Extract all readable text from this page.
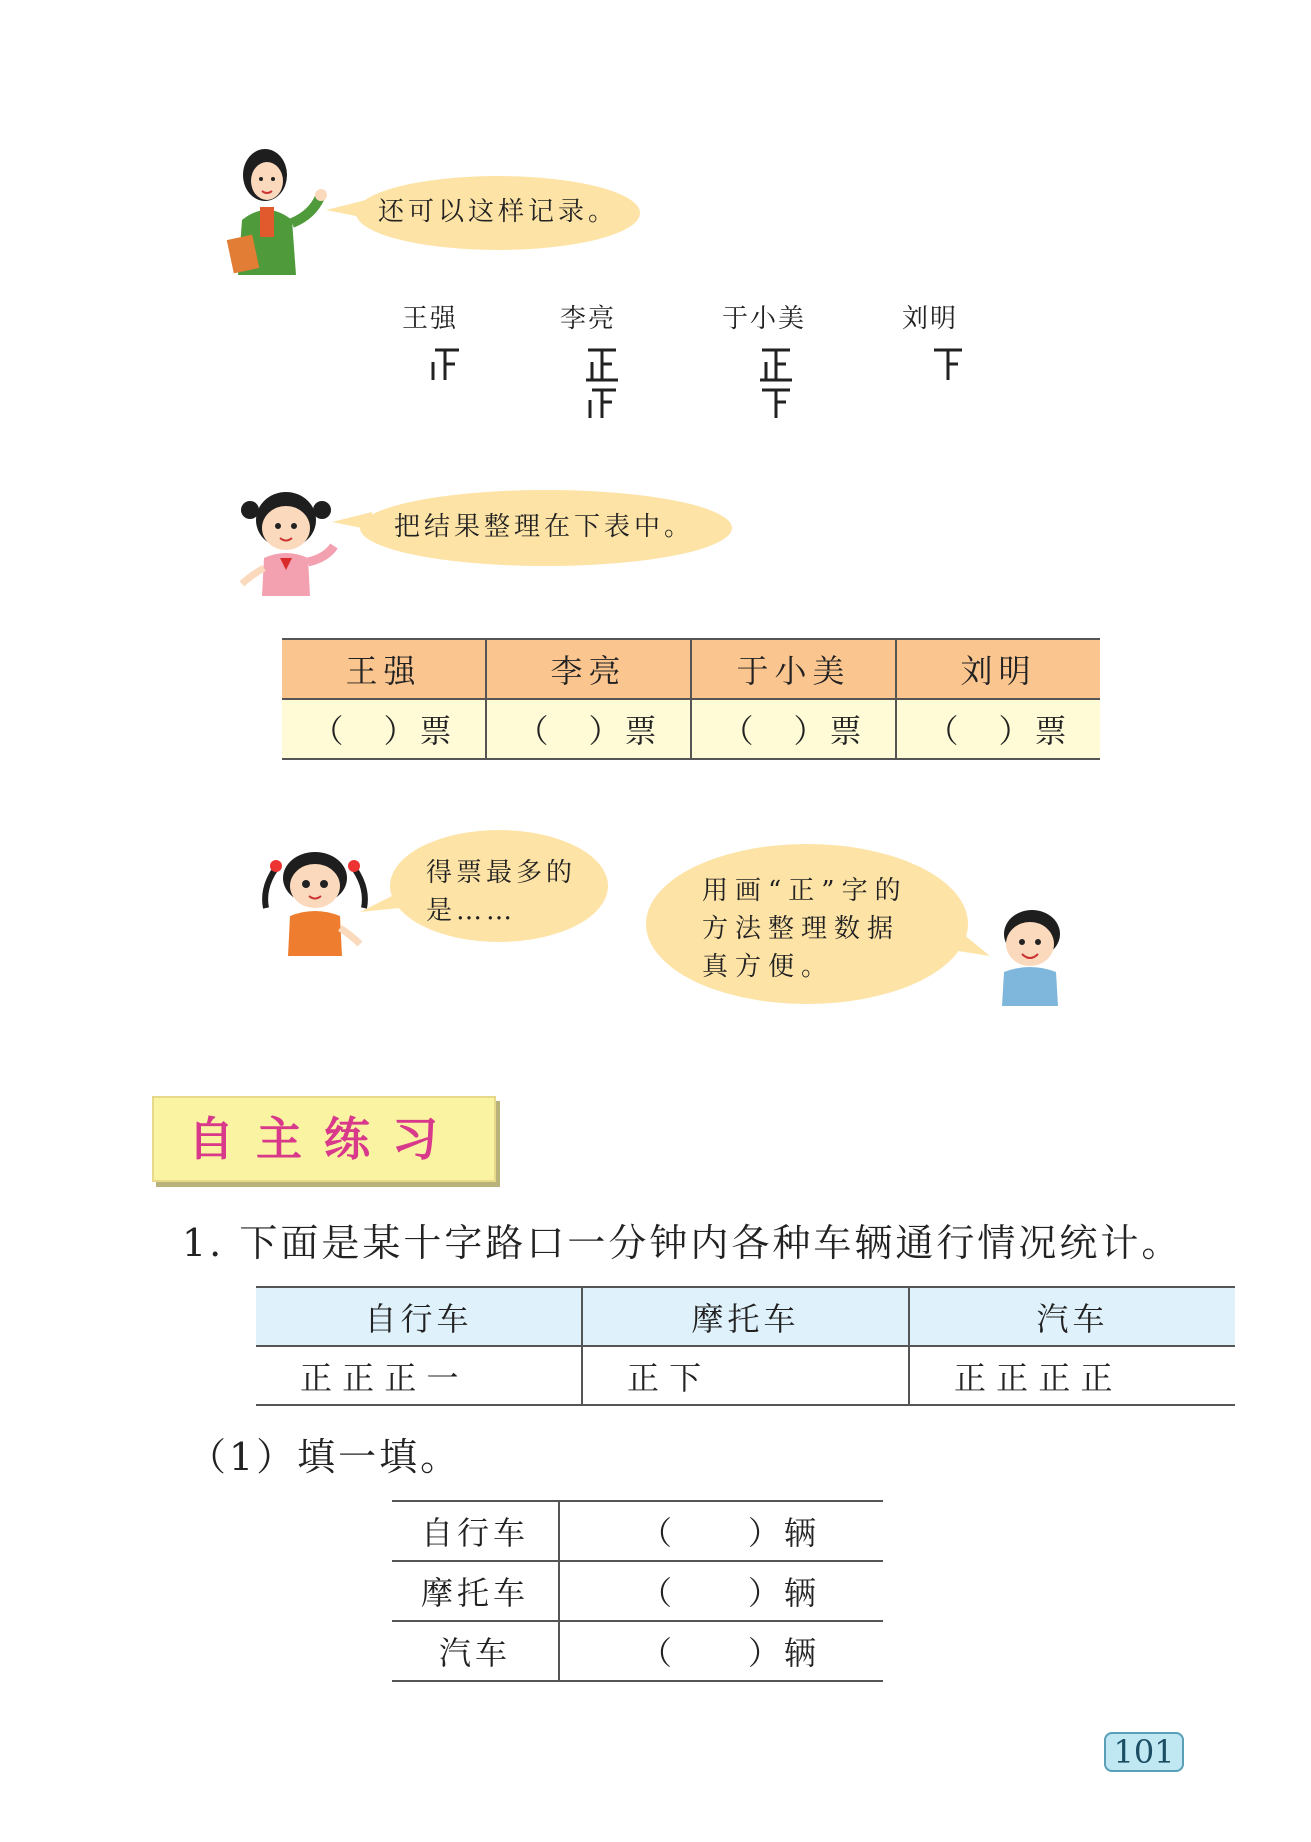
还可以这样记录。
王强	李亮	于小美	刘明
把结果整理在下表中。
王强	李亮	于小美	刘明
（　）票	（　）票	（　）票	（　）票
得票最多的
是……
用画“正”字的
方法整理数据
真方便。
自主练习
1. 下面是某十字路口一分钟内各种车辆通行情况统计。
自行车	摩托车	汽车
正 正 正 一	正 下	正 正 正 正
（1）填一填。
自行车	（　　）辆
摩托车	（　　）辆
汽车	（　　）辆
101
